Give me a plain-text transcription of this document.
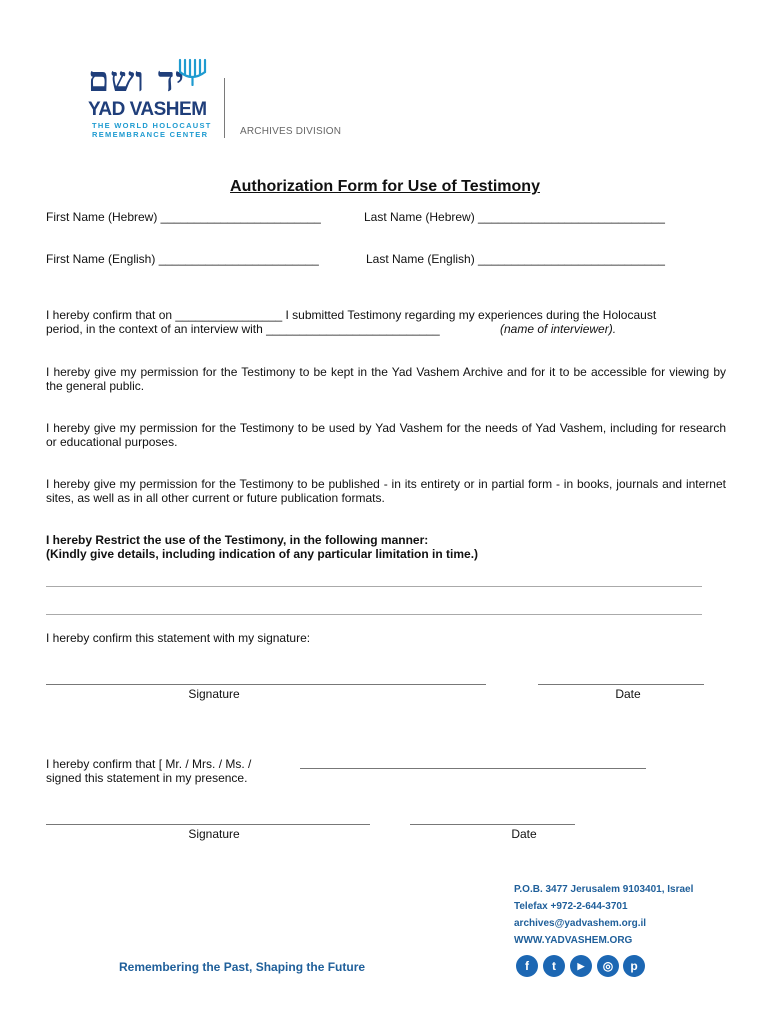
יד ושם
YAD VASHEM
THE WORLD HOLOCAUST
REMEMBRANCE CENTER	ARCHIVES DIVISION
Authorization Form for Use of Testimony
First Name (Hebrew) ________________________	Last Name (Hebrew) ____________________________
First Name (English) ________________________	Last Name (English) ____________________________
I hereby confirm that on ________________ I submitted Testimony regarding my experiences during the Holocaust
period, in the context of an interview with __________________________	(name of interviewer).
I hereby give my permission for the Testimony to be kept in the Yad Vashem Archive and for it to be accessible for viewing by the general public.
I hereby give my permission for the Testimony to be used by Yad Vashem for the needs of Yad Vashem, including for research or educational purposes.
I hereby give my permission for the Testimony to be published - in its entirety or in partial form - in books, journals and internet sites, as well as in all other current or future publication formats.
I hereby Restrict the use of the Testimony, in the following manner:
(Kindly give details, including indication of any particular limitation in time.)
I hereby confirm this statement with my signature:
Signature	Date
I hereby confirm that [ Mr. / Mrs. / Ms. /
signed this statement in my presence.
Signature	Date
P.O.B. 3477 Jerusalem 9103401, Israel
Telefax +972-2-644-3701
archives@yadvashem.org.il
WWW.YADVASHEM.ORG
Remembering the Past, Shaping the Future	f	t	▶	◎	p
